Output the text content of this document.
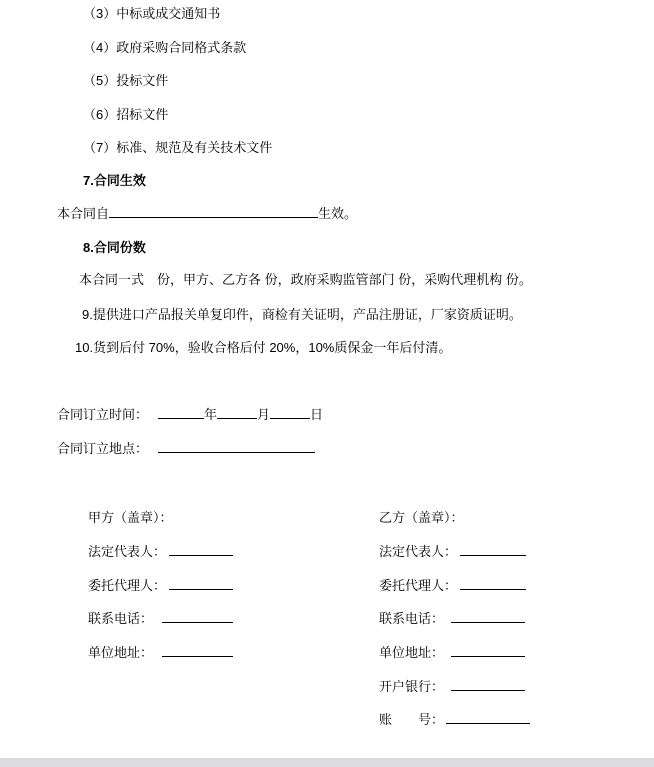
（3）中标或成交通知书
（4）政府采购合同格式条款
（5）投标文件
（6）招标文件
（7）标准、规范及有关技术文件
7.合同生效
本合同自	生效。
8.合同份数
本合同一式　份，甲方、乙方各 份，政府采购监管部门 份，采购代理机构 份。
9.提供进口产品报关单复印件，商检有关证明，产品注册证，厂家资质证明。
10.货到后付 70%，验收合格后付 20%，10%质保金一年后付清。
合同订立时间：	年	月	日
合同订立地点：
甲方（盖章）：
法定代表人：
委托代理人：
联系电话：
单位地址：
乙方（盖章）：
法定代表人：
委托代理人：
联系电话：
单位地址：
开户银行：
账　　号：
